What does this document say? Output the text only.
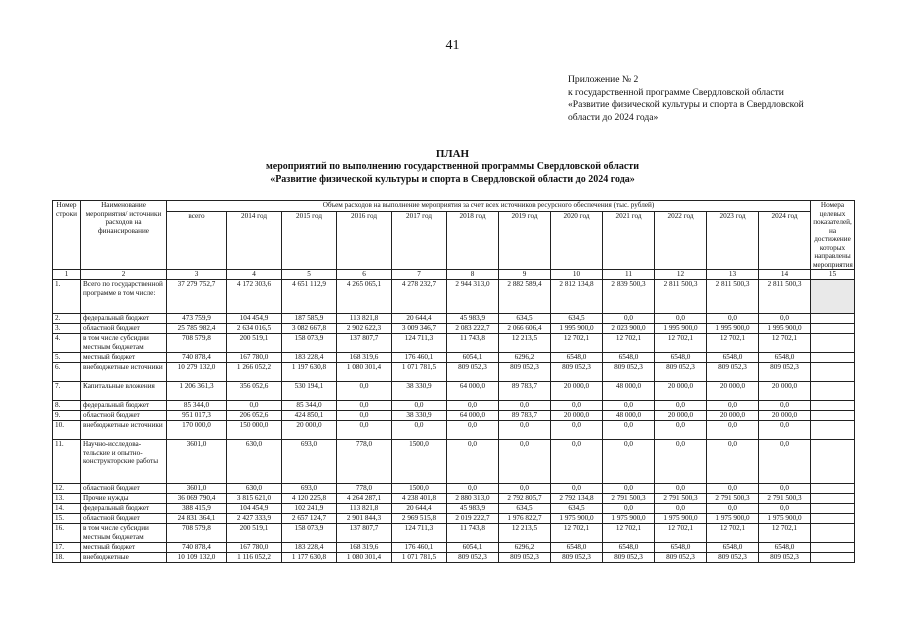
41
Приложение № 2
к государственной программе Свердловской области
«Развитие физической культуры и спорта в Свердловской
области до 2024 года»
ПЛАН
мероприятий по выполнению государственной программы Свердловской области
«Развитие физической культуры и спорта в Свердловской области до 2024 года»
Номер строки	Наименование мероприятия/ источники расходов на финансирование	Объем расходов на выполнение мероприятия за счет всех источников ресурсного обеспечения (тыс. рублей)												Номера целевых показателей, на достижение которых направлены мероприятия
		всего	2014 год	2015 год	2016 год	2017 год	2018 год	2019 год	2020 год	2021 год	2022 год	2023 год	2024 год	
1	2	3	4	5	6	7	8	9	10	11	12	13	14	15
1.	Всего по государственной программе в том числе:	37 279 752,7	4 172 303,6	4 651 112,9	4 265 065,1	4 278 232,7	2 944 313,0	2 882 589,4	2 812 134,8	2 839 500,3	2 811 500,3	2 811 500,3	2 811 500,3	
2.	федеральный бюджет	473 759,9	104 454,9	187 585,9	113 821,8	20 644,4	45 983,9	634,5	634,5	0,0	0,0	0,0	0,0	
3.	областной бюджет	25 785 982,4	2 634 016,5	3 082 667,8	2 902 622,3	3 009 346,7	2 083 222,7	2 066 606,4	1 995 900,0	2 023 900,0	1 995 900,0	1 995 900,0	1 995 900,0	
4.	в том числе субсидии местным бюджетам	708 579,8	200 519,1	158 073,9	137 807,7	124 711,3	11 743,8	12 213,5	12 702,1	12 702,1	12 702,1	12 702,1	12 702,1	
5.	местный бюджет	740 878,4	167 780,0	183 228,4	168 319,6	176 460,1	6054,1	6296,2	6548,0	6548,0	6548,0	6548,0	6548,0	
6.	внебюджетные источники	10 279 132,0	1 266 052,2	1 197 630,8	1 080 301,4	1 071 781,5	809 052,3	809 052,3	809 052,3	809 052,3	809 052,3	809 052,3	809 052,3	
7.	Капитальные вложения	1 206 361,3	356 052,6	530 194,1	0,0	38 330,9	64 000,0	89 783,7	20 000,0	48 000,0	20 000,0	20 000,0	20 000,0	
8.	федеральный бюджет	85 344,0	0,0	85 344,0	0,0	0,0	0,0	0,0	0,0	0,0	0,0	0,0	0,0	
9.	областной бюджет	951 017,3	206 052,6	424 850,1	0,0	38 330,9	64 000,0	89 783,7	20 000,0	48 000,0	20 000,0	20 000,0	20 000,0	
10.	внебюджетные источники	170 000,0	150 000,0	20 000,0	0,0	0,0	0,0	0,0	0,0	0,0	0,0	0,0	0,0	
11.	Научно-исследова-тельские и опытно-конструкторские работы	3601,0	630,0	693,0	778,0	1500,0	0,0	0,0	0,0	0,0	0,0	0,0	0,0	
12.	областной бюджет	3601,0	630,0	693,0	778,0	1500,0	0,0	0,0	0,0	0,0	0,0	0,0	0,0	
13.	Прочие нужды	36 069 790,4	3 815 621,0	4 120 225,8	4 264 287,1	4 238 401,8	2 880 313,0	2 792 805,7	2 792 134,8	2 791 500,3	2 791 500,3	2 791 500,3	2 791 500,3	
14.	федеральный бюджет	388 415,9	104 454,9	102 241,9	113 821,8	20 644,4	45 983,9	634,5	634,5	0,0	0,0	0,0	0,0	
15.	областной бюджет	24 831 364,1	2 427 333,9	2 657 124,7	2 901 844,3	2 969 515,8	2 019 222,7	1 976 822,7	1 975 900,0	1 975 900,0	1 975 900,0	1 975 900,0	1 975 900,0	
16.	в том числе субсидии местным бюджетам	708 579,8	200 519,1	158 073,9	137 807,7	124 711,3	11 743,8	12 213,5	12 702,1	12 702,1	12 702,1	12 702,1	12 702,1	
17.	местный бюджет	740 878,4	167 780,0	183 228,4	168 319,6	176 460,1	6054,1	6296,2	6548,0	6548,0	6548,0	6548,0	6548,0	
18.	внебюджетные	10 109 132,0	1 116 052,2	1 177 630,8	1 080 301,4	1 071 781,5	809 052,3	809 052,3	809 052,3	809 052,3	809 052,3	809 052,3	809 052,3	
